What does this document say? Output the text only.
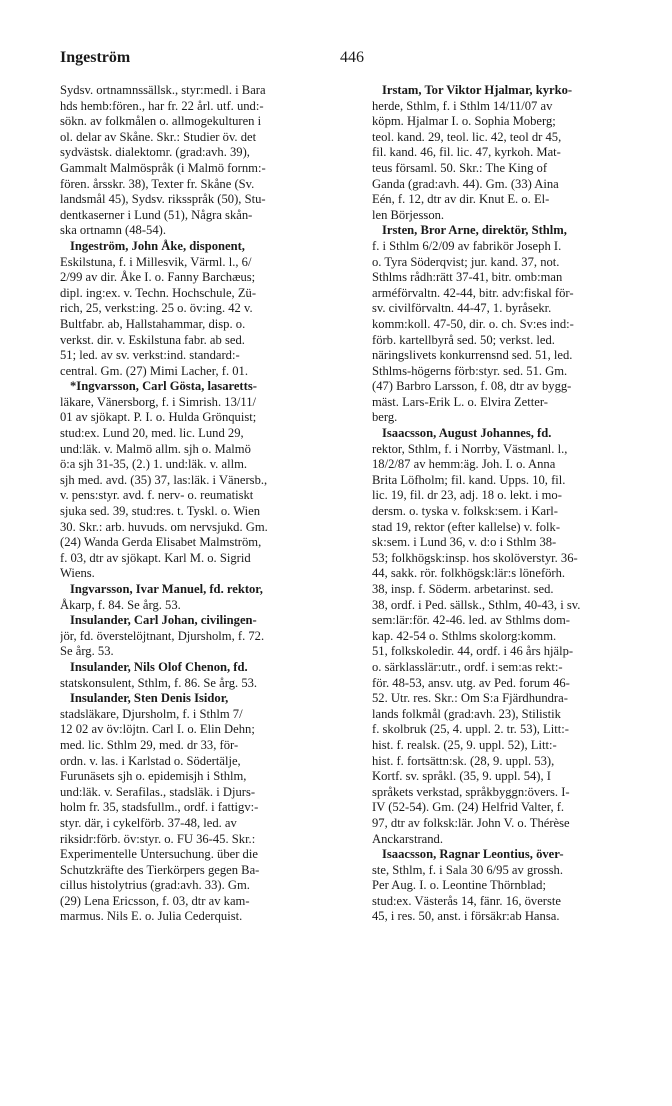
Ingeström	446
Sydsv. ortnamnssällsk., styr:medl. i Bara
hds hemb:fören., har fr. 22 årl. utf. und:-
sökn. av folkmålen o. allmogekulturen i
ol. delar av Skåne. Skr.: Studier öv. det
sydvästsk. dialektomr. (grad:avh. 39),
Gammalt Malmöspråk (i Malmö fornm:-
fören. årsskr. 38), Texter fr. Skåne (Sv.
landsmål 45), Sydsv. riksspråk (50), Stu-
dentkaserner i Lund (51), Några skån-
ska ortnamn (48-54).
Ingeström, John Åke, disponent,
Eskilstuna, f. i Millesvik, Värml. l., 6/
2/99 av dir. Åke I. o. Fanny Barchæus;
dipl. ing:ex. v. Techn. Hochschule, Zü-
rich, 25, verkst:ing. 25 o. öv:ing. 42 v.
Bultfabr. ab, Hallstahammar, disp. o.
verkst. dir. v. Eskilstuna fabr. ab sed.
51; led. av sv. verkst:ind. standard:-
central. Gm. (27) Mimi Lacher, f. 01.
*Ingvarsson, Carl Gösta, lasaretts-
läkare, Vänersborg, f. i Simrish. 13/11/
01 av sjökapt. P. I. o. Hulda Grönquist;
stud:ex. Lund 20, med. lic. Lund 29,
und:läk. v. Malmö allm. sjh o. Malmö
ö:a sjh 31-35, (2.) 1. und:läk. v. allm.
sjh med. avd. (35) 37, las:läk. i Vänersb.,
v. pens:styr. avd. f. nerv- o. reumatiskt
sjuka sed. 39, stud:res. t. Tyskl. o. Wien
30. Skr.: arb. huvuds. om nervsjukd. Gm.
(24) Wanda Gerda Elisabet Malmström,
f. 03, dtr av sjökapt. Karl M. o. Sigrid
Wiens.
Ingvarsson, Ivar Manuel, fd. rektor,
Åkarp, f. 84. Se årg. 53.
Insulander, Carl Johan, civilingen-
jör, fd. överstelöjtnant, Djursholm, f. 72.
Se årg. 53.
Insulander, Nils Olof Chenon, fd.
statskonsulent, Sthlm, f. 86. Se årg. 53.
Insulander, Sten Denis Isidor,
stadsläkare, Djursholm, f. i Sthlm 7/
12 02 av öv:löjtn. Carl I. o. Elin Dehn;
med. lic. Sthlm 29, med. dr 33, för-
ordn. v. las. i Karlstad o. Södertälje,
Furunäsets sjh o. epidemisjh i Sthlm,
und:läk. v. Serafilas., stadsläk. i Djurs-
holm fr. 35, stadsfullm., ordf. i fattigv:-
styr. där, i cykelförb. 37-48, led. av
riksidr:förb. öv:styr. o. FU 36-45. Skr.:
Experimentelle Untersuchung. über die
Schutzkräfte des Tierkörpers gegen Ba-
cillus histolytrius (grad:avh. 33). Gm.
(29) Lena Ericsson, f. 03, dtr av kam-
marmus. Nils E. o. Julia Cederquist.
Irstam, Tor Viktor Hjalmar, kyrko-
herde, Sthlm, f. i Sthlm 14/11/07 av
köpm. Hjalmar I. o. Sophia Moberg;
teol. kand. 29, teol. lic. 42, teol dr 45,
fil. kand. 46, fil. lic. 47, kyrkoh. Mat-
teus församl. 50. Skr.: The King of
Ganda (grad:avh. 44). Gm. (33) Aina
Eén, f. 12, dtr av dir. Knut E. o. El-
len Börjesson.
Irsten, Bror Arne, direktör, Sthlm,
f. i Sthlm 6/2/09 av fabrikör Joseph I.
o. Tyra Söderqvist; jur. kand. 37, not.
Sthlms rådh:rätt 37-41, bitr. omb:man
arméförvaltn. 42-44, bitr. adv:fiskal för-
sv. civilförvaltn. 44-47, 1. byråsekr.
komm:koll. 47-50, dir. o. ch. Sv:es ind:-
förb. kartellbyrå sed. 50; verkst. led.
näringslivets konkurrensnd sed. 51, led.
Sthlms-högerns förb:styr. sed. 51. Gm.
(47) Barbro Larsson, f. 08, dtr av bygg-
mäst. Lars-Erik L. o. Elvira Zetter-
berg.
Isaacsson, August Johannes, fd.
rektor, Sthlm, f. i Norrby, Västmanl. l.,
18/2/87 av hemm:äg. Joh. I. o. Anna
Brita Löfholm; fil. kand. Upps. 10, fil.
lic. 19, fil. dr 23, adj. 18 o. lekt. i mo-
dersm. o. tyska v. folksk:sem. i Karl-
stad 19, rektor (efter kallelse) v. folk-
sk:sem. i Lund 36, v. d:o i Sthlm 38-
53; folkhögsk:insp. hos skolöverstyr. 36-
44, sakk. rör. folkhögsk:lär:s löneförh.
38, insp. f. Söderm. arbetarinst. sed.
38, ordf. i Ped. sällsk., Sthlm, 40-43, i sv.
sem:lär:för. 42-46. led. av Sthlms dom-
kap. 42-54 o. Sthlms skolorg:komm.
51, folkskoledir. 44, ordf. i 46 års hjälp-
o. särklasslär:utr., ordf. i sem:as rekt:-
för. 48-53, ansv. utg. av Ped. forum 46-
52. Utr. res. Skr.: Om S:a Fjärdhundra-
lands folkmål (grad:avh. 23), Stilistik
f. skolbruk (25, 4. uppl. 2. tr. 53), Litt:-
hist. f. realsk. (25, 9. uppl. 52), Litt:-
hist. f. fortsättn:sk. (28, 9. uppl. 53),
Kortf. sv. språkl. (35, 9. uppl. 54), I
språkets verkstad, språkbyggn:övers. I-
IV (52-54). Gm. (24) Helfrid Valter, f.
97, dtr av folksk:lär. John V. o. Thérèse
Anckarstrand.
Isaacsson, Ragnar Leontius, över-
ste, Sthlm, f. i Sala 30 6/95 av grossh.
Per Aug. I. o. Leontine Thörnblad;
stud:ex. Västerås 14, fänr. 16, överste
45, i res. 50, anst. i försäkr:ab Hansa.
